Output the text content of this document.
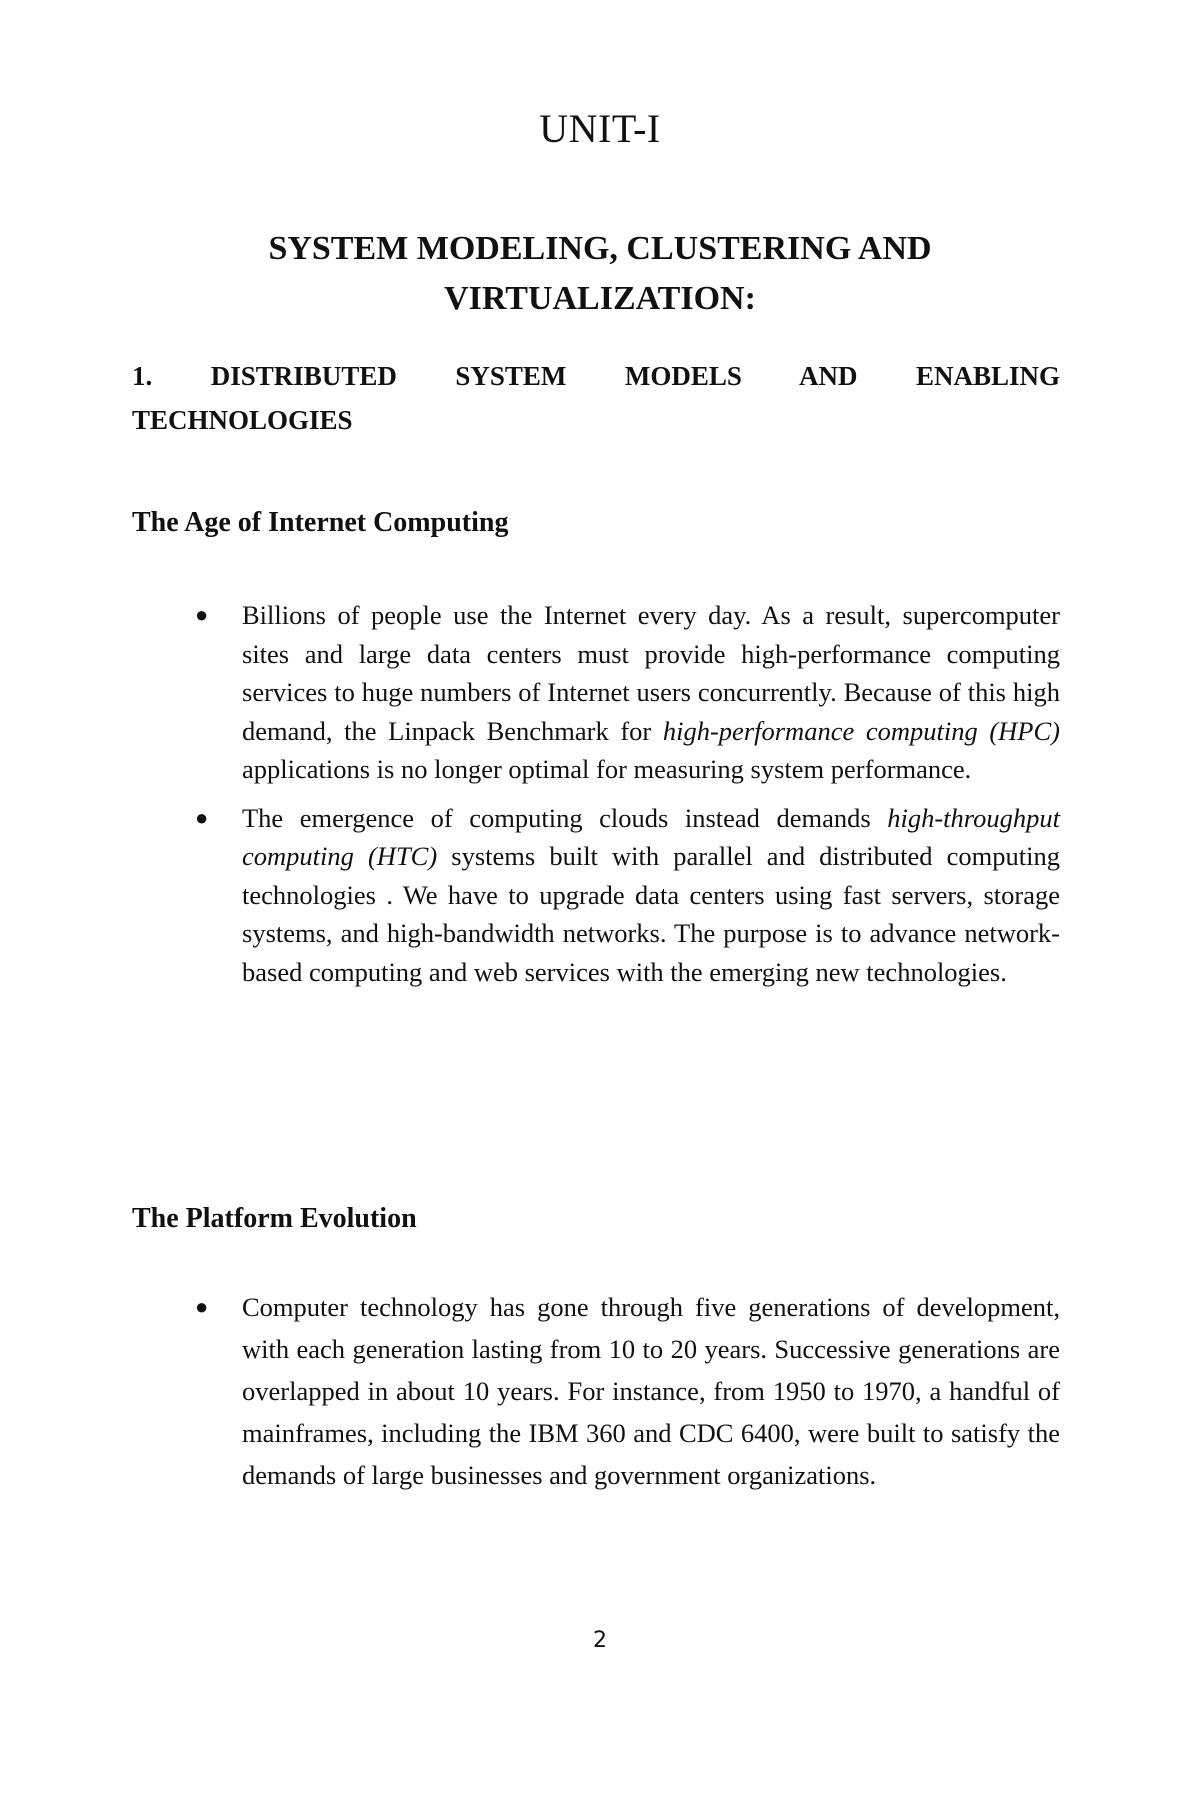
UNIT-I
SYSTEM MODELING, CLUSTERING AND VIRTUALIZATION:
1. DISTRIBUTED SYSTEM MODELS AND ENABLING
TECHNOLOGIES
The Age of Internet Computing
● Billions of people use the Internet every day. As a result, supercomputer sites and large data centers must provide high-performance computing services to huge numbers of Internet users concurrently. Because of this high demand, the Linpack Benchmark for high-performance computing (HPC) applications is no longer optimal for measuring system performance.
● The emergence of computing clouds instead demands high-throughput computing (HTC) systems built with parallel and distributed computing technologies . We have to upgrade data centers using fast servers, storage systems, and high-bandwidth networks. The purpose is to advance network-based computing and web services with the emerging new technologies.
The Platform Evolution
● Computer technology has gone through five generations of development, with each generation lasting from 10 to 20 years. Successive generations are overlapped in about 10 years. For instance, from 1950 to 1970, a handful of mainframes, including the IBM 360 and CDC 6400, were built to satisfy the demands of large businesses and government organizations.
2
